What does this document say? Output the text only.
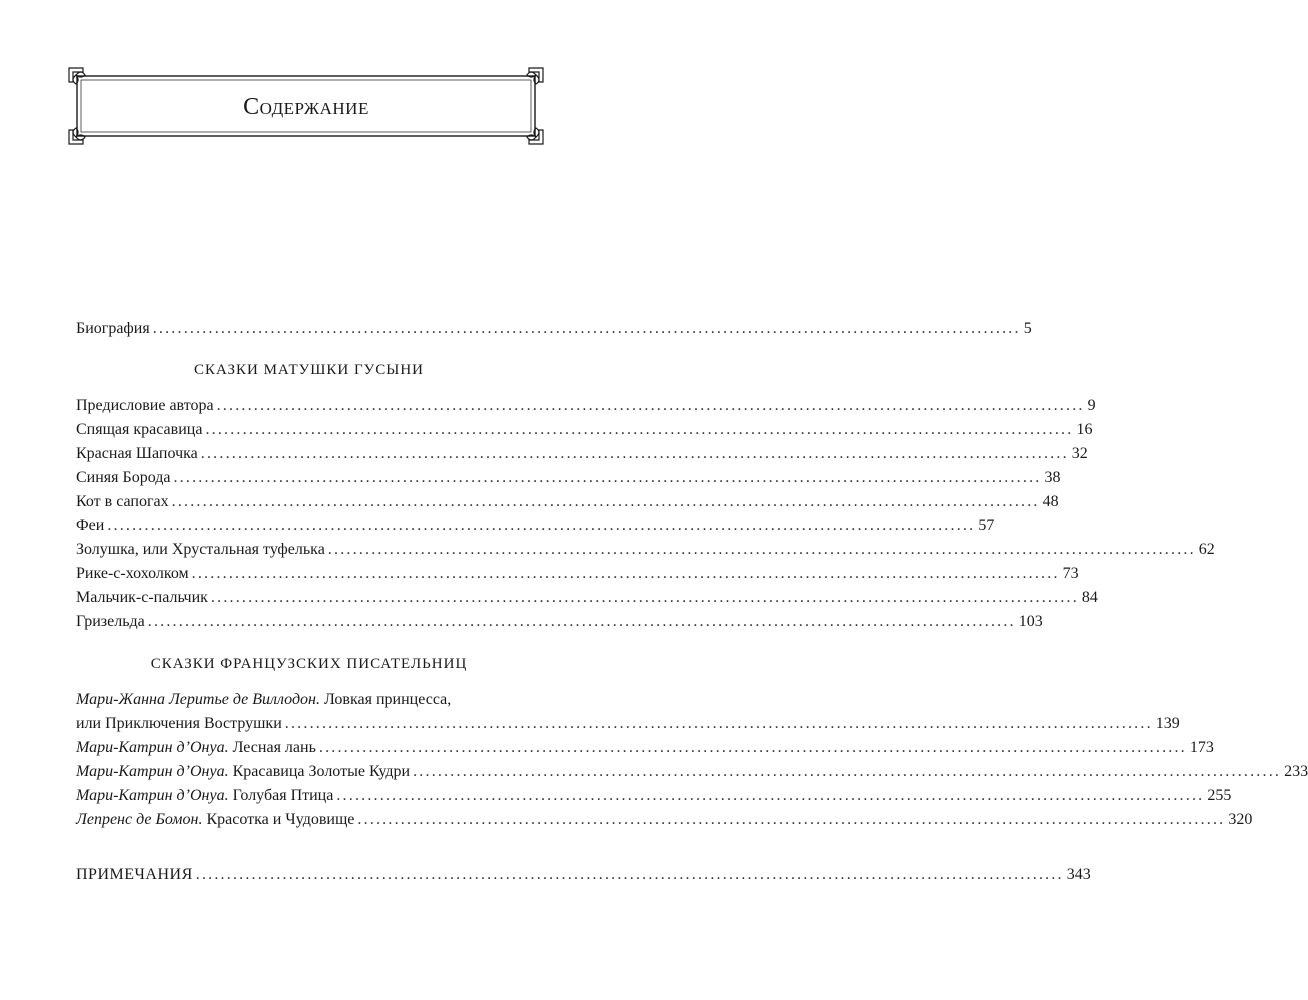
Содержание
Биография ............................................................................................................................................ 5
СКАЗКИ МАТУШКИ ГУСЫНИ
Предисловие автора ............................................................................................................................................ 9
Спящая красавица ............................................................................................................................................ 16
Красная Шапочка ............................................................................................................................................ 32
Синяя Борода ............................................................................................................................................ 38
Кот в сапогах ............................................................................................................................................ 48
Феи ............................................................................................................................................ 57
Золушка, или Хрустальная туфелька ............................................................................................................................................ 62
Рике-с-хохолком ............................................................................................................................................ 73
Мальчик-с-пальчик ............................................................................................................................................ 84
Гризельда ............................................................................................................................................ 103
СКАЗКИ ФРАНЦУЗСКИХ ПИСАТЕЛЬНИЦ
Мари-Жанна Леритье де Виллодон. Ловкая принцесса,
или Приключения Вострушки ............................................................................................................................................ 139
Мари-Катрин д’Онуа. Лесная лань ............................................................................................................................................ 173
Мари-Катрин д’Онуа. Красавица Золотые Кудри ............................................................................................................................................ 233
Мари-Катрин д’Онуа. Голубая Птица ............................................................................................................................................ 255
Лепренс де Бомон. Красотка и Чудовище ............................................................................................................................................ 320
ПРИМЕЧАНИЯ ............................................................................................................................................ 343
